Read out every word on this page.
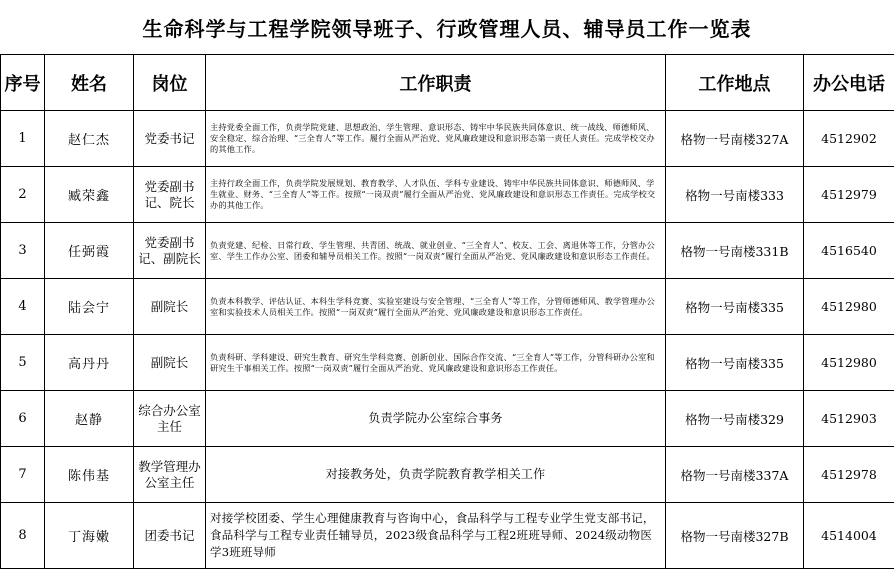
生命科学与工程学院领导班子、行政管理人员、辅导员工作一览表
序号	姓名	岗位	工作职责	工作地点	办公电话
1	赵仁杰	党委书记	主持党委全面工作，负责学院党建、思想政治、学生管理、意识形态、铸牢中华民族共同体意识、统一战线、师德师风、安全稳定、综合治理、“三全育人”等工作。履行全面从严治党、党风廉政建设和意识形态第一责任人责任。完成学校交办的其他工作。	格物一号南楼327A	4512902
2	臧荣鑫	党委副书记、院长	主持行政全面工作，负责学院发展规划、教育教学、人才队伍、学科专业建设、铸牢中华民族共同体意识、师德师风、学生就业、财务、“三全育人”等工作。按照“一岗双责”履行全面从严治党、党风廉政建设和意识形态工作责任。完成学校交办的其他工作。	格物一号南楼333	4512979
3	任弼霞	党委副书记、副院长	负责党建、纪检、日常行政、学生管理、共青团、统战、就业创业、“三全育人”、校友、工会、离退休等工作，分管办公室、学生工作办公室、团委和辅导员相关工作。按照“一岗双责”履行全面从严治党、党风廉政建设和意识形态工作责任。	格物一号南楼331B	4516540
4	陆会宁	副院长	负责本科教学、评估认证、本科生学科竞赛、实验室建设与安全管理、“三全育人”等工作，分管师德师风、教学管理办公室和实验技术人员相关工作。按照“一岗双责”履行全面从严治党、党风廉政建设和意识形态工作责任。	格物一号南楼335	4512980
5	高丹丹	副院长	负责科研、学科建设、研究生教育、研究生学科竞赛、创新创业、国际合作交流、“三全育人”等工作，分管科研办公室和研究生干事相关工作。按照“一岗双责”履行全面从严治党、党风廉政建设和意识形态工作责任。	格物一号南楼335	4512980
6	赵静	综合办公室主任	负责学院办公室综合事务	格物一号南楼329	4512903
7	陈伟基	教学管理办公室主任	对接教务处，负责学院教育教学相关工作	格物一号南楼337A	4512978
8	丁海嫩	团委书记	对接学校团委、学生心理健康教育与咨询中心，食品科学与工程专业学生党支部书记，食品科学与工程专业责任辅导员，2023级食品科学与工程2班班导师、2024级动物医学3班班导师	格物一号南楼327B	4514004
